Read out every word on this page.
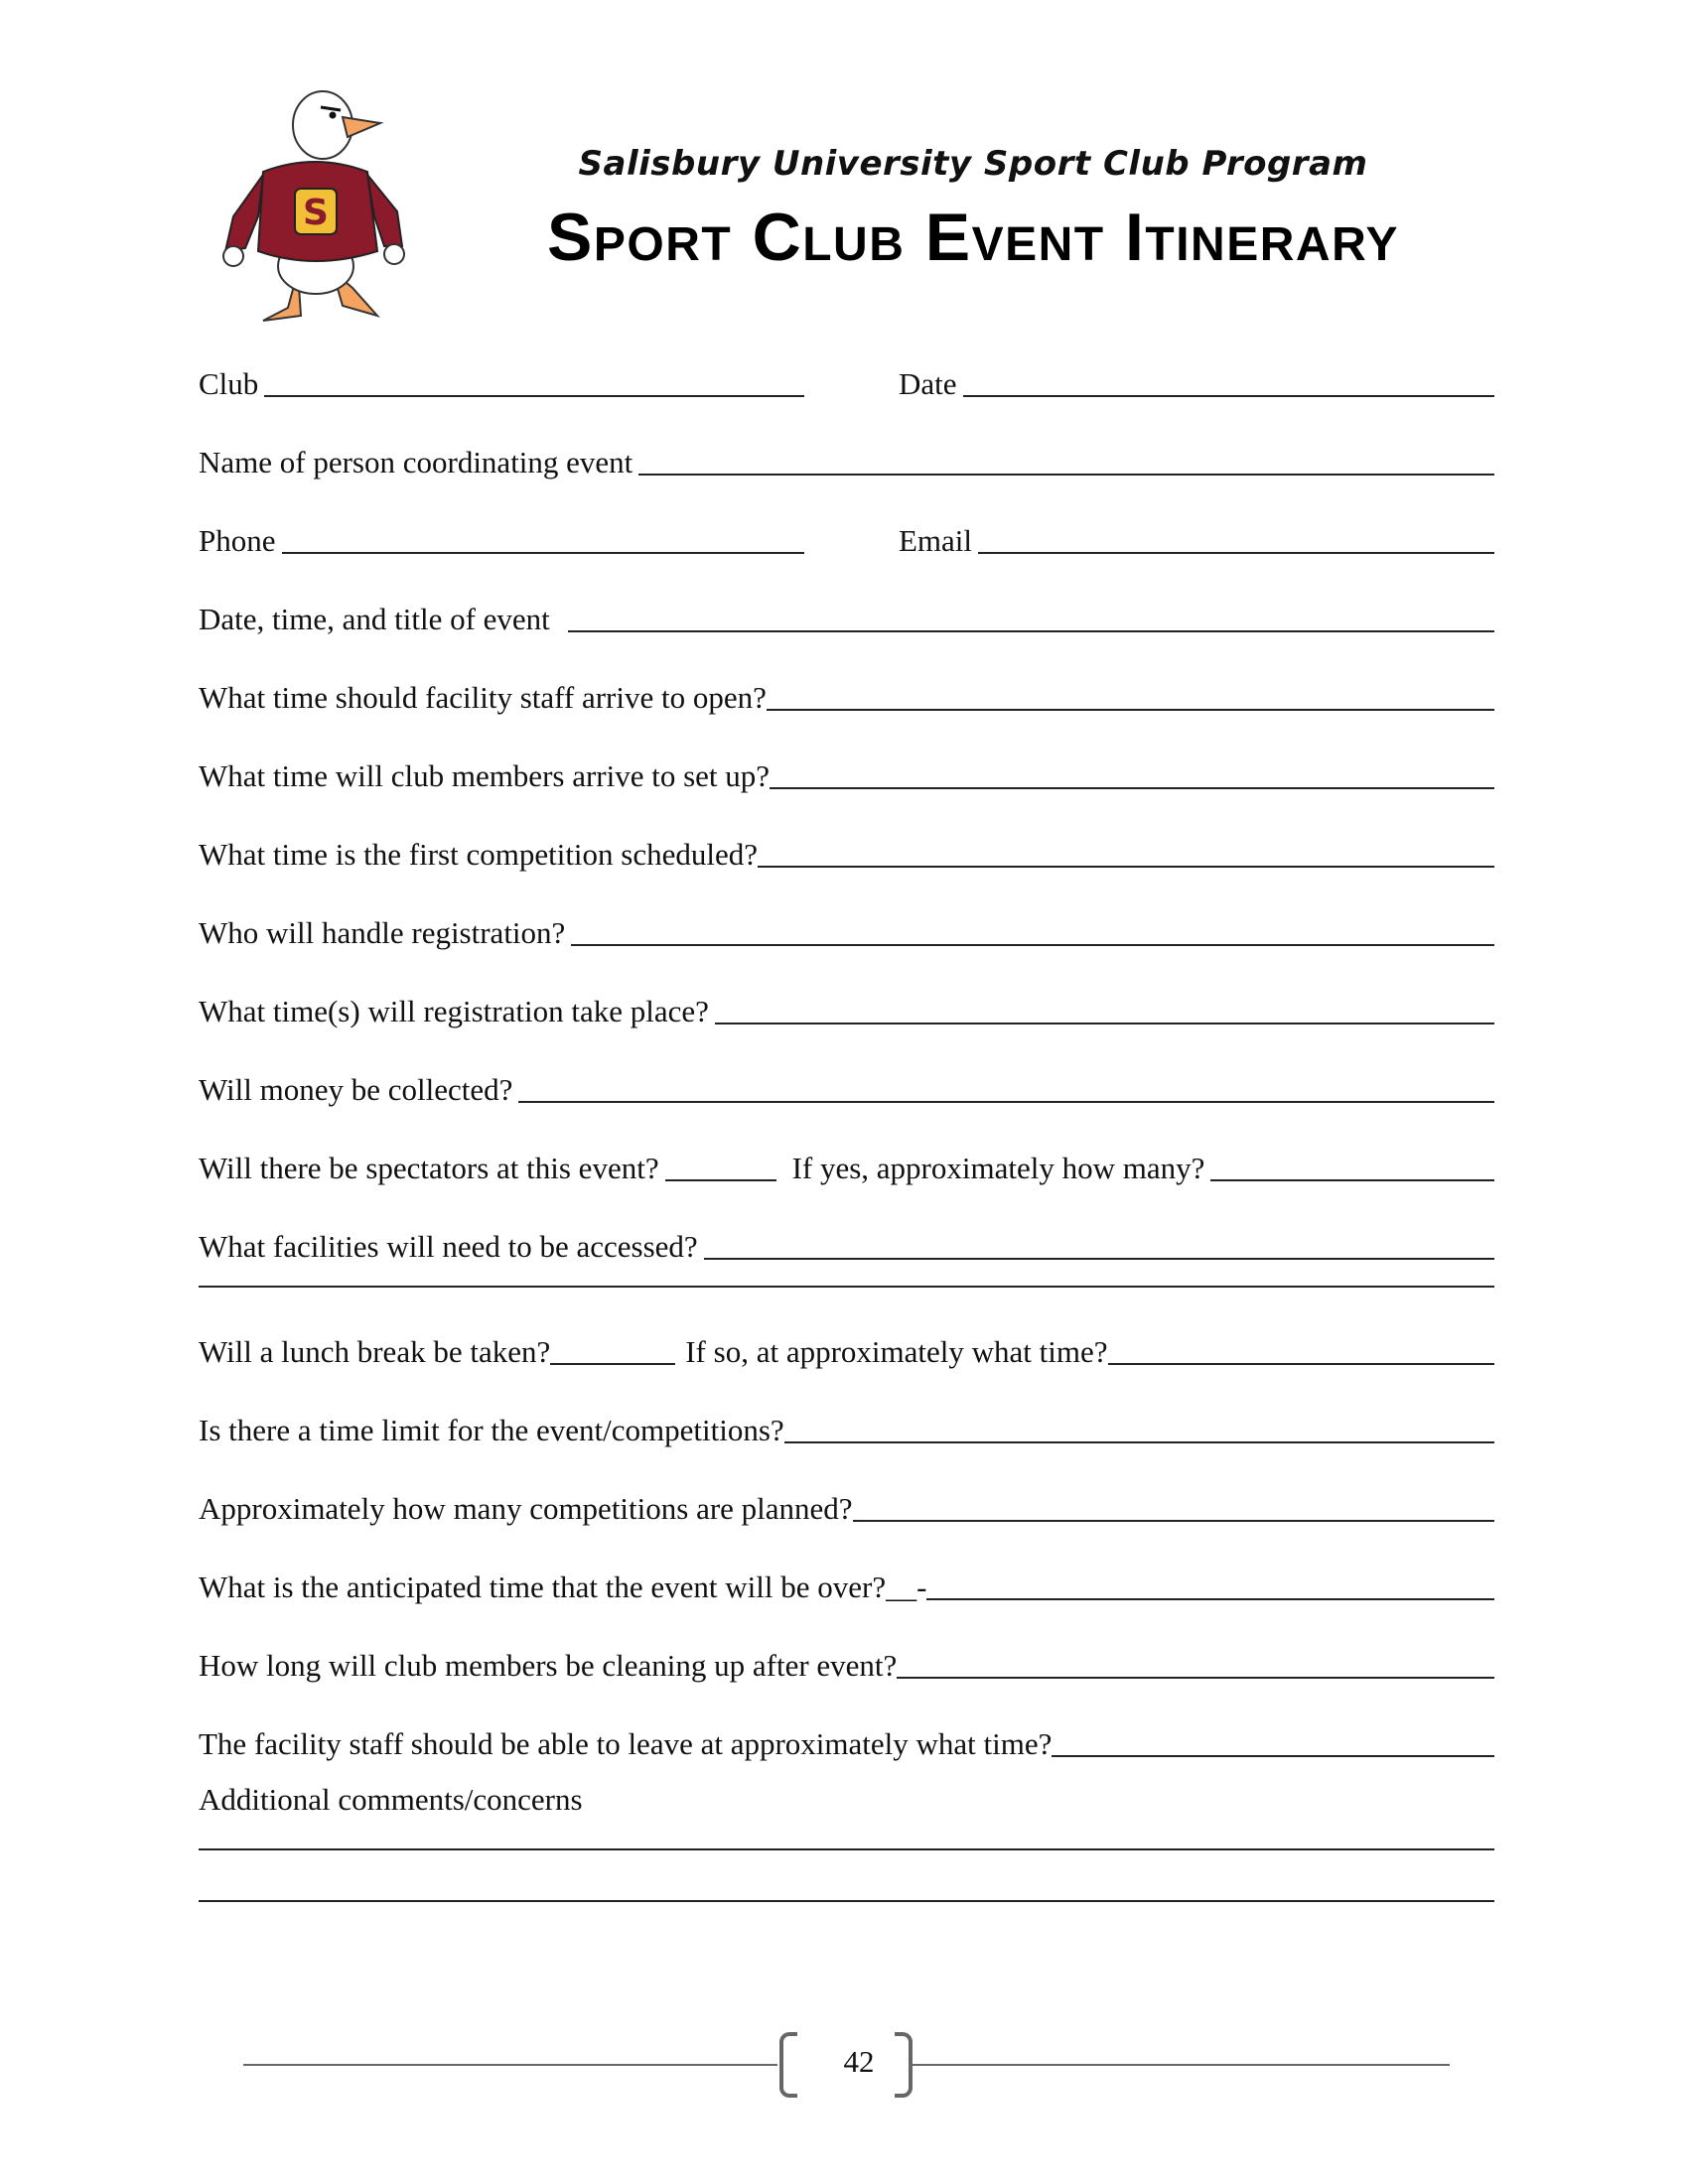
S
Salisbury University Sport Club Program
Sport Club Event Itinerary
Club	Date
Name of person coordinating event
Phone	Email
Date, time, and title of event
What time should facility staff arrive to open?
What time will club members arrive to set up?
What time is the first competition scheduled?
Who will handle registration?
What time(s) will registration take place?
Will money be collected?
Will there be spectators at this event?	If yes, approximately how many?
What facilities will need to be accessed?
Will a lunch break be taken?	If so, at approximately what time?
Is there a time limit for the event/competitions?
Approximately how many competitions are planned?
What is the anticipated time that the event will be over?__-
How long will club members be cleaning up after event?
The facility staff should be able to leave at approximately what time?
Additional comments/concerns
42
